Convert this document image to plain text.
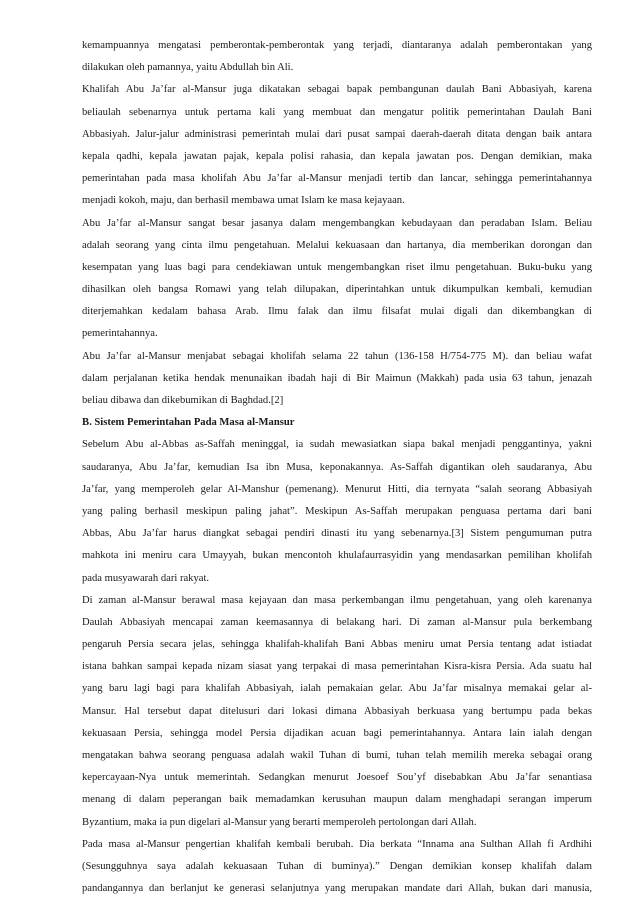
kemampuannya mengatasi pemberontak-pemberontak yang terjadi, diantaranya adalah pemberontakan yang
dilakukan oleh pamannya, yaitu Abdullah bin Ali.
Khalifah Abu Ja’far al-Mansur juga dikatakan sebagai bapak pembangunan daulah Bani Abbasiyah, karena
beliaulah sebenarnya untuk pertama kali yang membuat dan mengatur politik pemerintahan Daulah Bani
Abbasiyah. Jalur-jalur administrasi pemerintah mulai dari pusat sampai daerah-daerah ditata dengan baik antara
kepala qadhi, kepala jawatan pajak, kepala polisi rahasia, dan kepala jawatan pos. Dengan demikian, maka
pemerintahan pada masa kholifah Abu Ja’far al-Mansur menjadi tertib dan lancar, sehingga pemerintahannya
menjadi kokoh, maju, dan berhasil membawa umat Islam ke masa kejayaan.
Abu Ja’far al-Mansur sangat besar jasanya dalam mengembangkan kebudayaan dan peradaban Islam. Beliau
adalah seorang yang cinta ilmu pengetahuan. Melalui kekuasaan dan hartanya, dia memberikan dorongan dan
kesempatan yang luas bagi para cendekiawan untuk mengembangkan riset ilmu pengetahuan. Buku-buku yang
dihasilkan oleh bangsa Romawi yang telah dilupakan, diperintahkan untuk dikumpulkan kembali, kemudian
diterjemahkan kedalam bahasa Arab. Ilmu falak dan ilmu filsafat mulai digali dan dikembangkan di
pemerintahannya.
Abu Ja’far al-Mansur menjabat sebagai kholifah selama 22 tahun (136-158 H/754-775 M). dan beliau wafat
dalam perjalanan ketika hendak menunaikan ibadah haji di Bir Maimun (Makkah) pada usia 63 tahun, jenazah
beliau dibawa dan dikebumikan di Baghdad.[2]
B. Sistem Pemerintahan Pada Masa al-Mansur
Sebelum Abu al-Abbas as-Saffah meninggal, ia sudah mewasiatkan siapa bakal menjadi penggantinya, yakni
saudaranya, Abu Ja’far, kemudian Isa ibn Musa, keponakannya. As-Saffah digantikan oleh saudaranya, Abu
Ja’far, yang memperoleh gelar Al-Manshur (pemenang). Menurut Hitti, dia ternyata “salah seorang Abbasiyah
yang paling berhasil meskipun paling jahat”. Meskipun As-Saffah merupakan penguasa pertama dari bani
Abbas, Abu Ja’far harus diangkat sebagai pendiri dinasti itu yang sebenarnya.[3] Sistem pengumuman putra
mahkota ini meniru cara Umayyah, bukan mencontoh khulafaurrasyidin yang mendasarkan pemilihan kholifah
pada musyawarah dari rakyat.
Di zaman al-Mansur berawal masa kejayaan dan masa perkembangan ilmu pengetahuan, yang oleh karenanya
Daulah Abbasiyah mencapai zaman keemasannya di belakang hari. Di zaman al-Mansur pula berkembang
pengaruh Persia secara jelas, sehingga khalifah-khalifah Bani Abbas meniru umat Persia tentang adat istiadat
istana bahkan sampai kepada nizam siasat yang terpakai di masa pemerintahan Kisra-kisra Persia. Ada suatu hal
yang baru lagi bagi para khalifah Abbasiyah, ialah pemakaian gelar. Abu Ja’far misalnya memakai gelar al-
Mansur. Hal tersebut dapat ditelusuri dari lokasi dimana Abbasiyah berkuasa yang bertumpu pada bekas
kekuasaan Persia, sehingga model Persia dijadikan acuan bagi pemerintahannya. Antara lain ialah dengan
mengatakan bahwa seorang penguasa adalah wakil Tuhan di bumi, tuhan telah memilih mereka sebagai orang
kepercayaan-Nya untuk memerintah. Sedangkan menurut Joesoef Sou’yf disebabkan Abu Ja’far senantiasa
menang di dalam peperangan baik memadamkan kerusuhan maupun dalam menghadapi serangan imperum
Byzantium, maka ia pun digelari al-Mansur yang berarti memperoleh pertolongan dari Allah.
Pada masa al-Mansur pengertian khalifah kembali berubah. Dia berkata “Innama ana Sulthan Allah fi Ardhihi
(Sesungguhnya saya adalah kekuasaan Tuhan di buminya).” Dengan demikian konsep khalifah dalam
pandangannya dan berlanjut ke generasi selanjutnya yang merupakan mandate dari Allah, bukan dari manusia,
